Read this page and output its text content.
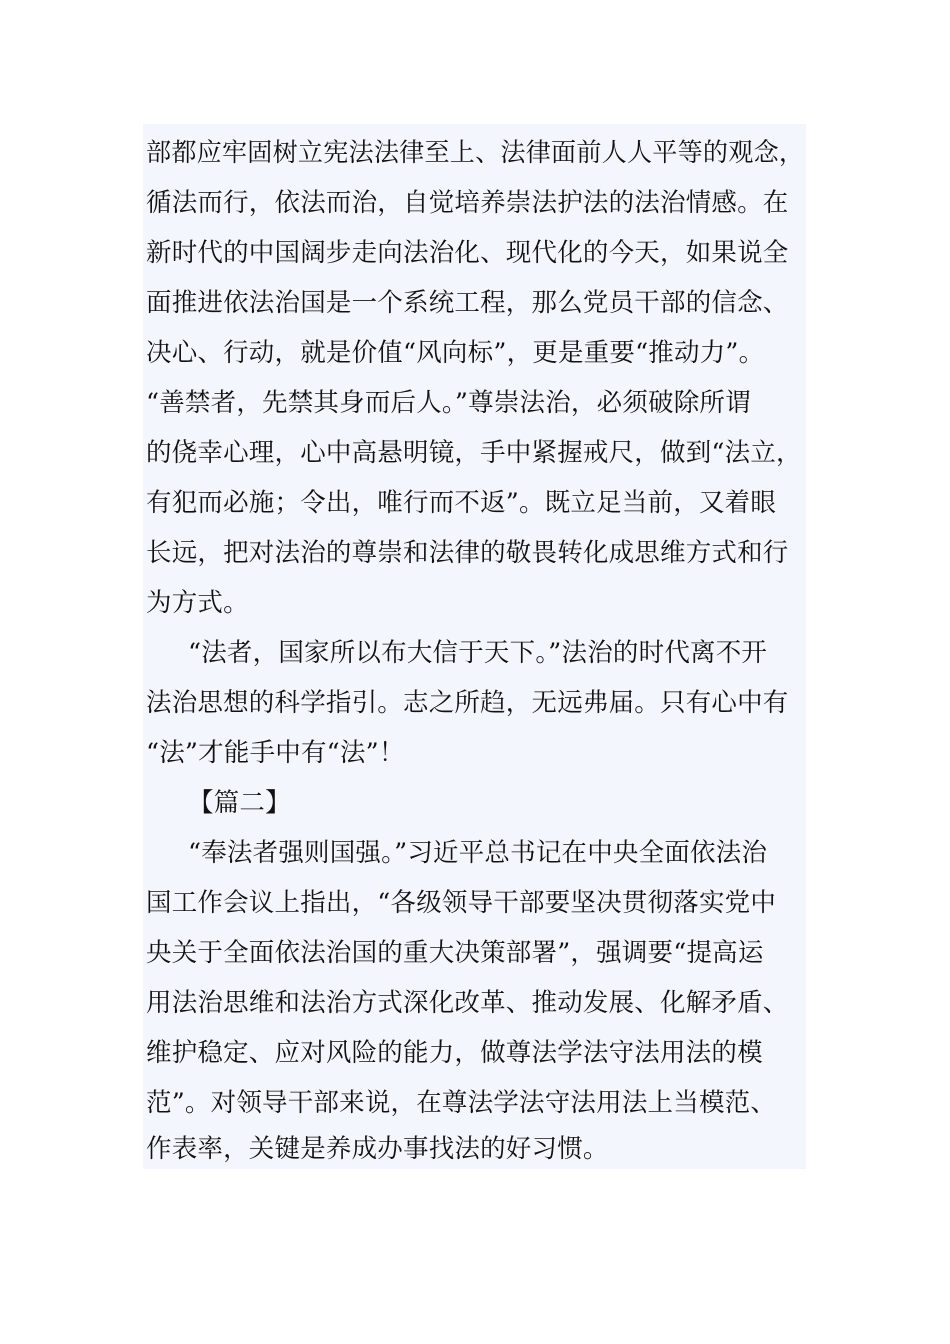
部都应牢固树立宪法法律至上、法律面前人人平等的观念，
循法而行，依法而治，自觉培养崇法护法的法治情感。在
新时代的中国阔步走向法治化、现代化的今天，如果说全
面推进依法治国是一个系统工程，那么党员干部的信念、
决心、行动，就是价值“风向标”，更是重要“推动力”。
“善禁者，先禁其身而后人。”尊崇法治，必须破除所谓
的侥幸心理，心中高悬明镜，手中紧握戒尺，做到“法立，
有犯而必施；令出，唯行而不返”。既立足当前，又着眼
长远，把对法治的尊崇和法律的敬畏转化成思维方式和行
为方式。
“法者，国家所以布大信于天下。”法治的时代离不开
法治思想的科学指引。志之所趋，无远弗届。只有心中有
“法”才能手中有“法”！
【篇二】
“奉法者强则国强。”习近平总书记在中央全面依法治
国工作会议上指出，“各级领导干部要坚决贯彻落实党中
央关于全面依法治国的重大决策部署”，强调要“提高运
用法治思维和法治方式深化改革、推动发展、化解矛盾、
维护稳定、应对风险的能力，做尊法学法守法用法的模
范”。对领导干部来说，在尊法学法守法用法上当模范、
作表率，关键是养成办事找法的好习惯。
